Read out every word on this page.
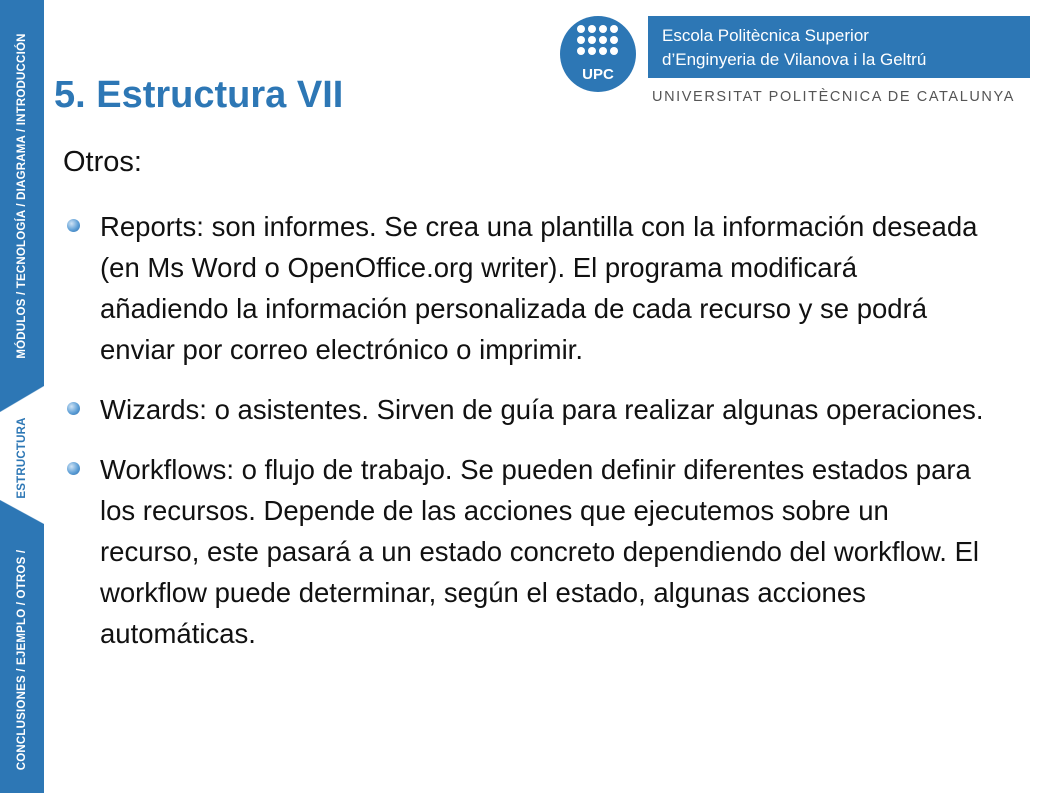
MÓDULOS / TECNOLOGÍA / DIAGRAMA / INTRODUCCIÓN
ESTRUCTURA
CONCLUSIONES / EJEMPLO / OTROS /
UPC
Escola Politècnica Superior
d’Enginyeria de Vilanova i la Geltrú
UNIVERSITAT POLITÈCNICA DE CATALUNYA
5. Estructura VII
Otros:
Reports: son informes. Se crea una plantilla con la información deseada (en Ms Word o OpenOffice.org writer). El programa modificará añadiendo la información personalizada de cada recurso y se podrá enviar por correo electrónico o imprimir.
Wizards: o asistentes. Sirven de guía para realizar algunas operaciones.
Workflows: o flujo de trabajo. Se pueden definir diferentes estados para los recursos. Depende de las acciones que ejecutemos sobre un recurso, este pasará a un estado concreto dependiendo del workflow. El workflow puede determinar, según el estado, algunas acciones automáticas.
